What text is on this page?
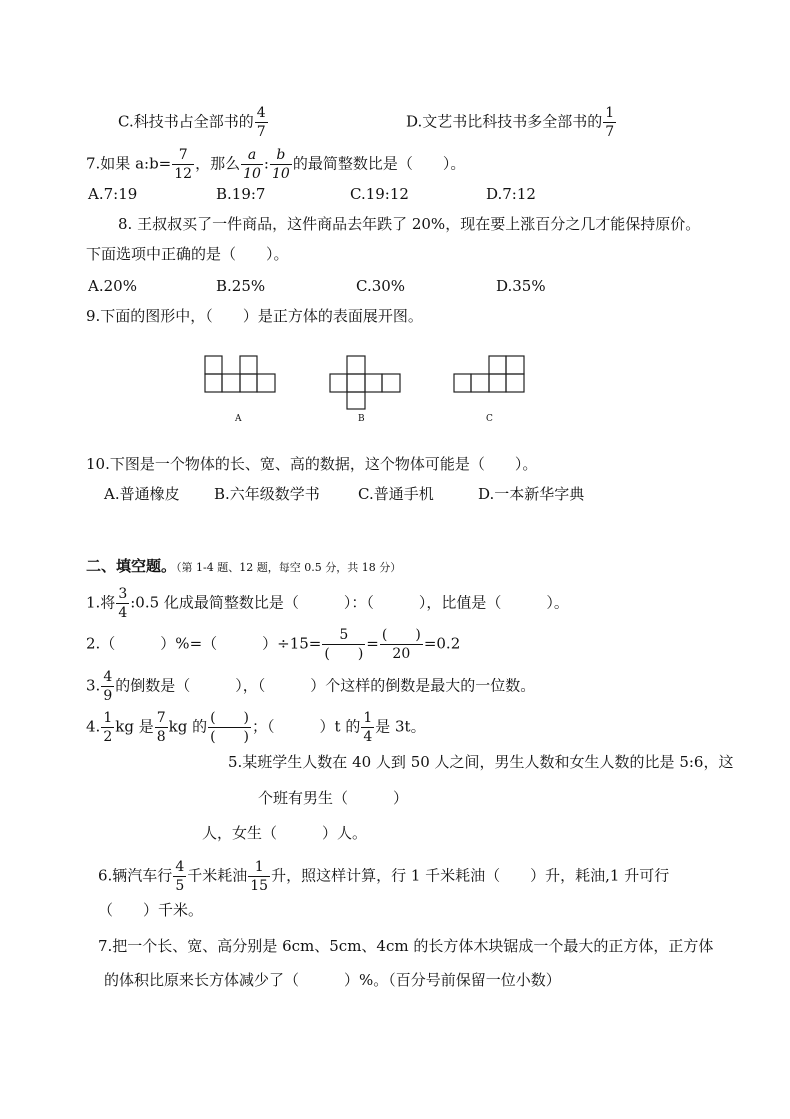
C.科技书占全部书的 $\frac{4}{7}$	D.文艺书比科技书多全部书的 $\frac{1}{7}$
7.如果 a:b= $\frac{7}{12}$ ，那么 $\frac{a}{10}$ : $\frac{b}{10}$ 的最简整数比是（　　）。
A.7:19	B.19:7	C.19:12	D.7:12
8. 王叔叔买了一件商品，这件商品去年跌了 20%，现在要上涨百分之几才能保持原价。
下面选项中正确的是（　　）。
A.20%	B.25%	C.30%	D.35%
9.下面的图形中，（　　）是正方体的表面展开图。
A	B	C
10.下图是一个物体的长、宽、高的数据，这个物体可能是（　　）。
A.普通橡皮 B.六年级数学书	C.普通手机	D.一本新华字典
二、填空题。（第 1-4 题、12 题，每空 0.5 分，共 18 分）
1.将 $\frac{3}{4}$ :0.5 化成最简整数比是（　　　）：（　　　），比值是（　　　）。
2.（　　　）%=（　　　）$\div 15= \frac{5}{( )} = \frac{( )}{20} =0.2$
3. $\frac{4}{9}$ 的倒数是（　　　），（　　　）个这样的倒数是最大的一位数。
4. $\frac{1}{2}$ kg 是 $\frac{7}{8}$ kg 的 $\frac{( )}{( )}$ ；（　　　）t 的 $\frac{1}{4}$ 是 3t。
5.某班学生人数在 40 人到 50 人之间，男生人数和女生人数的比是 5:6，这
个班有男生（　　　）
人，女生（　　　）人。
6.辆汽车行 $\frac{4}{5}$ 千米耗油 $\frac{1}{15}$ 升，照这样计算，行 1 千米耗油（　　）升，耗油,1 升可行
（　　）千米。
7.把一个长、宽、高分别是 6cm、5cm、4cm 的长方体木块锯成一个最大的正方体，正方体
的体积比原来长方体减少了（　　　）%。（百分号前保留一位小数）
